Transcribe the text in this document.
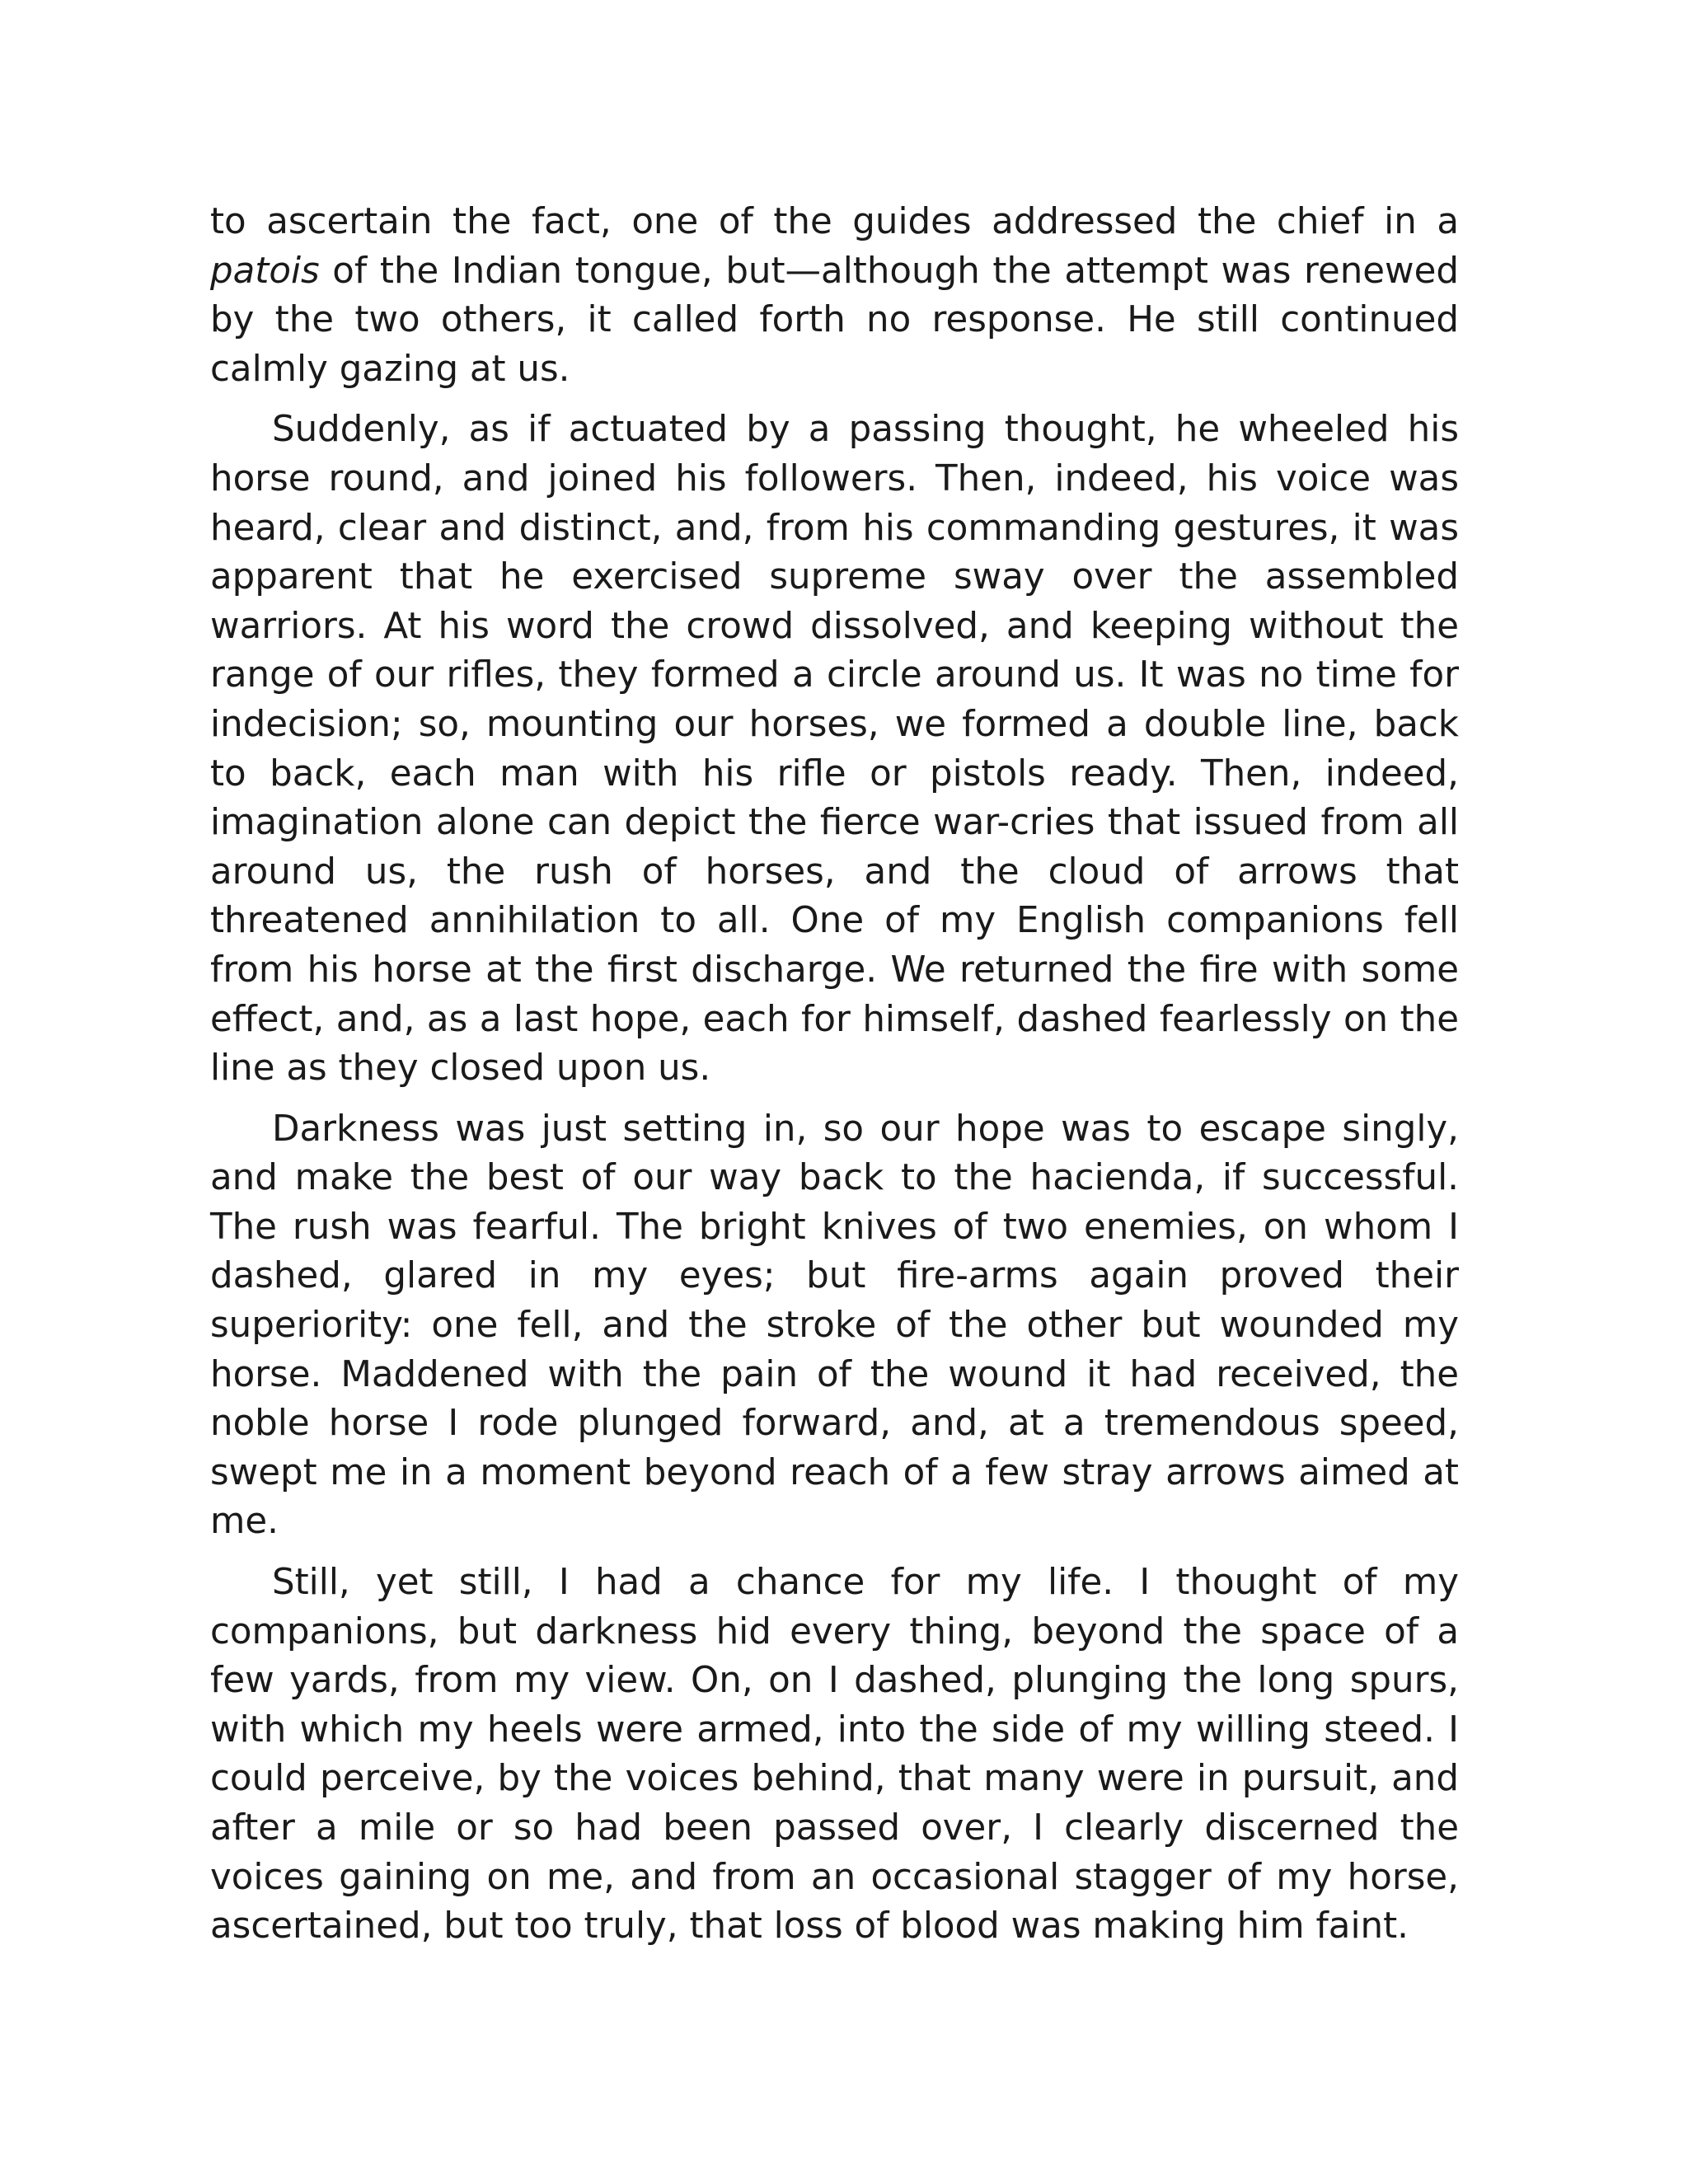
to ascertain the fact, one of the guides addressed the chief in a patois of the Indian tongue, but—although the attempt was renewed by the two others, it called forth no response. He still continued calmly gazing at us.

Suddenly, as if actuated by a passing thought, he wheeled his horse round, and joined his followers. Then, indeed, his voice was heard, clear and distinct, and, from his commanding gestures, it was apparent that he exercised supreme sway over the assembled warriors. At his word the crowd dissolved, and keeping without the range of our rifles, they formed a circle around us. It was no time for indecision; so, mounting our horses, we formed a double line, back to back, each man with his rifle or pistols ready. Then, indeed, imagination alone can depict the fierce war-cries that issued from all around us, the rush of horses, and the cloud of arrows that threatened annihilation to all. One of my English companions fell from his horse at the first discharge. We returned the fire with some effect, and, as a last hope, each for himself, dashed fearlessly on the line as they closed upon us.

Darkness was just setting in, so our hope was to escape singly, and make the best of our way back to the hacienda, if successful. The rush was fearful. The bright knives of two enemies, on whom I dashed, glared in my eyes; but fire-arms again proved their superiority: one fell, and the stroke of the other but wounded my horse. Maddened with the pain of the wound it had received, the noble horse I rode plunged forward, and, at a tremendous speed, swept me in a moment beyond reach of a few stray arrows aimed at me.

Still, yet still, I had a chance for my life. I thought of my companions, but darkness hid every thing, beyond the space of a few yards, from my view. On, on I dashed, plunging the long spurs, with which my heels were armed, into the side of my willing steed. I could perceive, by the voices behind, that many were in pursuit, and after a mile or so had been passed over, I clearly discerned the voices gaining on me, and from an occasional stagger of my horse, ascertained, but too truly, that loss of blood was making him faint.
